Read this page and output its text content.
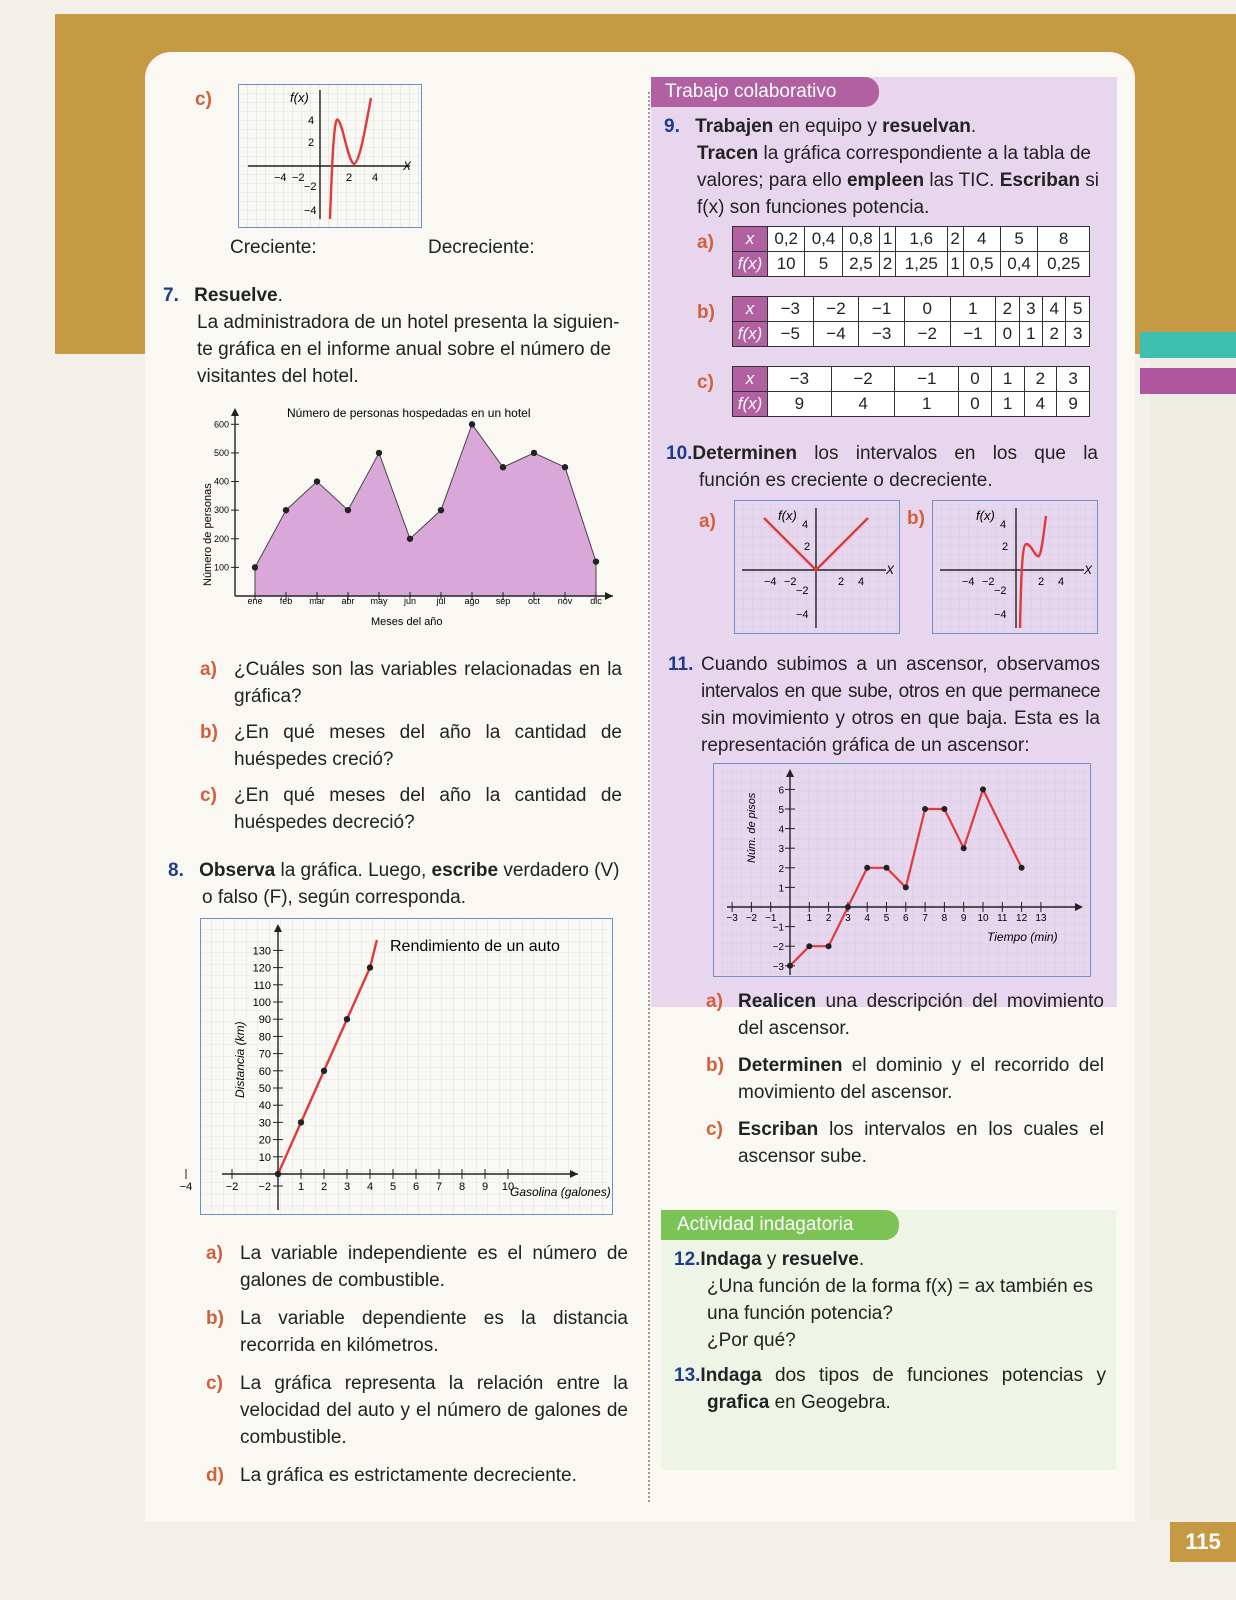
115
c)	f(x)
X
−4 −2	2 4
4
2
−2
−4
Creciente:	Decreciente:
7. Resuelve.
La administradora de un hotel presenta la siguien-
te gráfica en el informe anual sobre el número de
visitantes del hotel.
Número de personas hospedadas en un hotel
Número de personas
Meses del año
100
200
300
400
500
600
ene feb mar abr may jun jul ago sep oct nov dic
a) ¿Cuáles son las variables relacionadas en la
gráfica?
b) ¿En qué meses del año la cantidad de
huéspedes creció?
c) ¿En qué meses del año la cantidad de
huéspedes decreció?
8. Observa la gráfica. Luego, escribe verdadero (V)
o falso (F), según corresponda.
Rendimiento de un auto
Distancia (km)
Gasolina (galones)
−4	−2	1 2 3 4 5 6 7 8 9 10
−2
10
20
30
40
50
60
70
80
90
100
110
120
130
a) La variable independiente es el número de
galones de combustible.
b) La variable dependiente es la distancia
recorrida en kilómetros.
c) La gráfica representa la relación entre la
velocidad del auto y el número de galones de
combustible.
d) La gráfica es estrictamente decreciente.
Trabajo colaborativo
9. Trabajen en equipo y resuelvan.
Tracen la gráfica correspondiente a la tabla de
valores; para ello empleen las TIC. Escriban si
f(x) son funciones potencia.
a) x	0,2	0,4	0,8	1	1,6	2	4	5	8
f(x)	10	5	2,5	2	1,25	1	0,5	0,4	0,25
b) x	−3	−2	−1	0	1	2	3	4	5
f(x)	−5	−4	−3	−2	−1	0	1	2	3
c) x	−3	−2	−1	0	1	2	3
f(x)	9	4	1	0	1	4	9
10.Determinen los intervalos en los que la
función es creciente o decreciente.
a)	f(x)
X
−4 −2	2 4
2
4
−2
−4
b)	f(x)
X
−4 −2	2 4
2
4
−2
−4
11. Cuando subimos a un ascensor, observamos
intervalos en que sube, otros en que permanece
sin movimiento y otros en que baja. Esta es la
representación gráfica de un ascensor:
Núm. de pisos
Tiempo (min)
−3 −2 −1	1 2 3 4 5 6 7 8 9 10 11 12 13
−3
−2
−1
1
2
3
4
5
6
a) Realicen una descripción del movimiento
del ascensor.
b) Determinen el dominio y el recorrido del
movimiento del ascensor.
c) Escriban los intervalos en los cuales el
ascensor sube.
Actividad indagatoria
12.Indaga y resuelve.
¿Una función de la forma f(x) = ax también es
una función potencia?
¿Por qué?
13.Indaga dos tipos de funciones potencias y
grafica en Geogebra.
